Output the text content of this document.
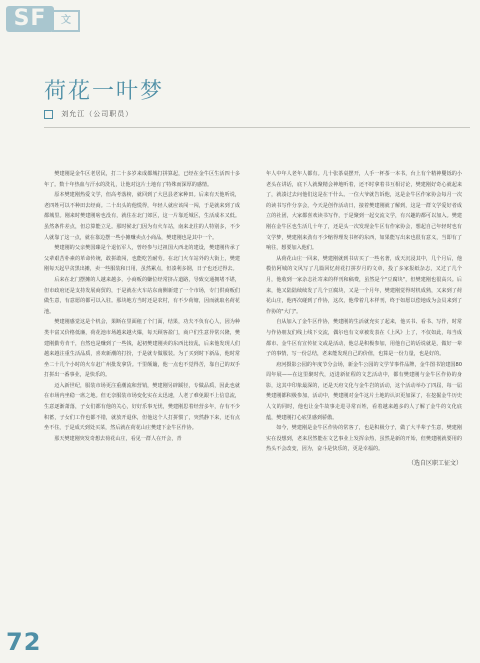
SF	文
荷花一叶梦
刘允江（公司职员）

樊建刚是金牛区老居民，打二十多岁来成都城打拼算起，已经在金牛区生活四十多年了。数十年热血与汗水的洗礼，让他对这片土地有了特殊而深厚的感情。

原本樊建刚热爱文学，但高考落榜，就回到了大邑县老家种田。后来有天他听说，老四姓可以不种田去经商。二十出头的他慌得，年轻人就应该闯一闯，于是就来到了成都城里。刚来时樊建刚啥也没有，就住在北门郊区，这一片靠近城区，生活成本又低。虽然条件差点，但总算能立足。那时候北门因为有火车站，南来北往的人特别多，不少人就靠了这一点，就在靠边摆一些小摊赚卖点小商品，樊建刚也是其中一个。

樊建刚的父亲樊国臻是个退伍军人，曾经参与过祖国大西北的建设，樊建刚传承了父辈艰苦朴素的革命传统，敢拼敢闯，也能吃苦耐劳。在北门火车站外的大街上，樊建刚每天起早贪黑出摊，卖一些服装和日用，虽然累点，但凑利多钢，日子也还过得去。

后来在北门摆摊的人越来越多，小商贩的嫌位经常挤占道路，导致交通拥堵不堪，但市政府还是支持发展商贸的，于是就在火车站东南侧新建了一个市场，专门供商贩们做生意，有意愿的都可以入驻。那块地方当时还是农村，有不少荷塘，因而就取名荷花池。

樊建刚感觉这是个机会，果断在里面租了个门面，结果，功夫不负有心人，因为种类丰富又价格低廉，荷花池市场越来越火爆，每天顾客盈门，商户们生意异常兴隆，樊建刚勤劳肯干，自然也是赚到了一些钱，起初樊建刚卖的东西比较乱，后来他发现人们越来越注重生活品质，喜欢新潮的打扮，于是就专做服装。为了买到时下新品，他时常坐二十几个小时的火车赶广州批发拿货。干里颠簸，他一点也不觉得苦，靠自己的双手打拼出一番事业，是快乐的。

迈入新世纪，服装市场更注重潮流和营销，樊建刚另辟蹊径，专做品质，因此也就在市场内坐稳一席之地。但无奈服装市场变化实在太迅速，人老了难免跟不上信息流，生意逐渐萧落，子女们都有他的关心，好好乐事无忧，樊建刚思着经营多年，存有不少积蓄，子女们工作也都不错，就放开退休，但他这个人打拼惯了，突然静下来，还有点坐不住，于是成天到处买菜，然后就在荷花山庄樊建下金牛区作协。

那天樊建刚突发奇想去荷花山庄，看见一群人在开会，青

年人中年人老年人都有。几十张茶桌摆开，人手一杯茶一本书，台上有个精神矍铄的小老头在讲话，底下人就聚精会神地听着，还不时拿着书互相讨论，樊建刚好奇心就起来了，就凑过去问他们这是在干什么。一位大爷就告诉他，这是金牛区作家协会每月一次的读书写作分享会，今天是创作活动日，接着樊建刚就了解到，这是一群文学爱好者成立的社团，大家都喜欢读书写作，于是聚到一起交流文学，有兴趣的都可以加入。樊建刚在金牛区也生活几十年了，还是头一次发现金牛区有作家协会，想起自己年轻时也有文学梦，樊建刚来劲有不少缩得理发书杯的东西，如果能写出来也很有意义，当即有了响往，想要加入他们。

从荷花山庄一回来，樊建刚就到书店买了一些名著，成天沉浸其中，几个月后，他模仿阿城的文风写了几篇回忆荷花打拼岁月的文章，投了多家报纸杂志，又过了几个月，他收到一家杂志社寄来的样刊和稿费，虽然是个"豆腐块"，但樊建刚也很高兴。后来，他又陆陆续续发了几个豆腐块，又是一个月年，樊建刚觉得时机成熟，又来到了荷花山庄，他再次碰到了作协，这次，他带着几本样刊，终于如愿以偿地成为会员来到了作协的"大门"。

自从加入了金牛区作协，樊建刚的生活就充实了起来，他买书、看书、写作，时常与作协朋友们线上线下交流，偶尔也有文章被发表在《上风》上了，不仅如此，每当成都市、金牛区有宣传征文或是活动，他总是积极参加，用他自己的话说就是，做好一辈子的事情，写一份总结，老来能发现自己的价值，也算是一份力量，也是好的。

府河摄影公园的年度节分会场，新金牛公园的文学节事件品牌，金牛图书馆建国80周年展——在这里聚时代，迈进新征程的文艺活动中，都有樊建刚与金牛区作协的身影，这其中印象最深的，还是天府文化与金牛岩的活动，这个活动举办了四届，每一届樊建刚都积极参加，活动中，樊建刚对金牛这片土地的认识更加深了，在挖掘金牛历史人文的同时，他也让金牛故事走进寻常百姓，看着越来越多的人了解了金牛的文化底蕴，樊建刚打心底里感到骄傲。

如今，樊建刚是金牛区作协的常客了，也是积极分子，做了大半辈子生意，樊建刚实在没想到，老来居然能在文艺事业上发挥余热，虽然是新的开始，但樊建刚就要用的热头不会改变，因为，奋斗是快乐的，更是幸福的。

（选自区职工征文）

72
